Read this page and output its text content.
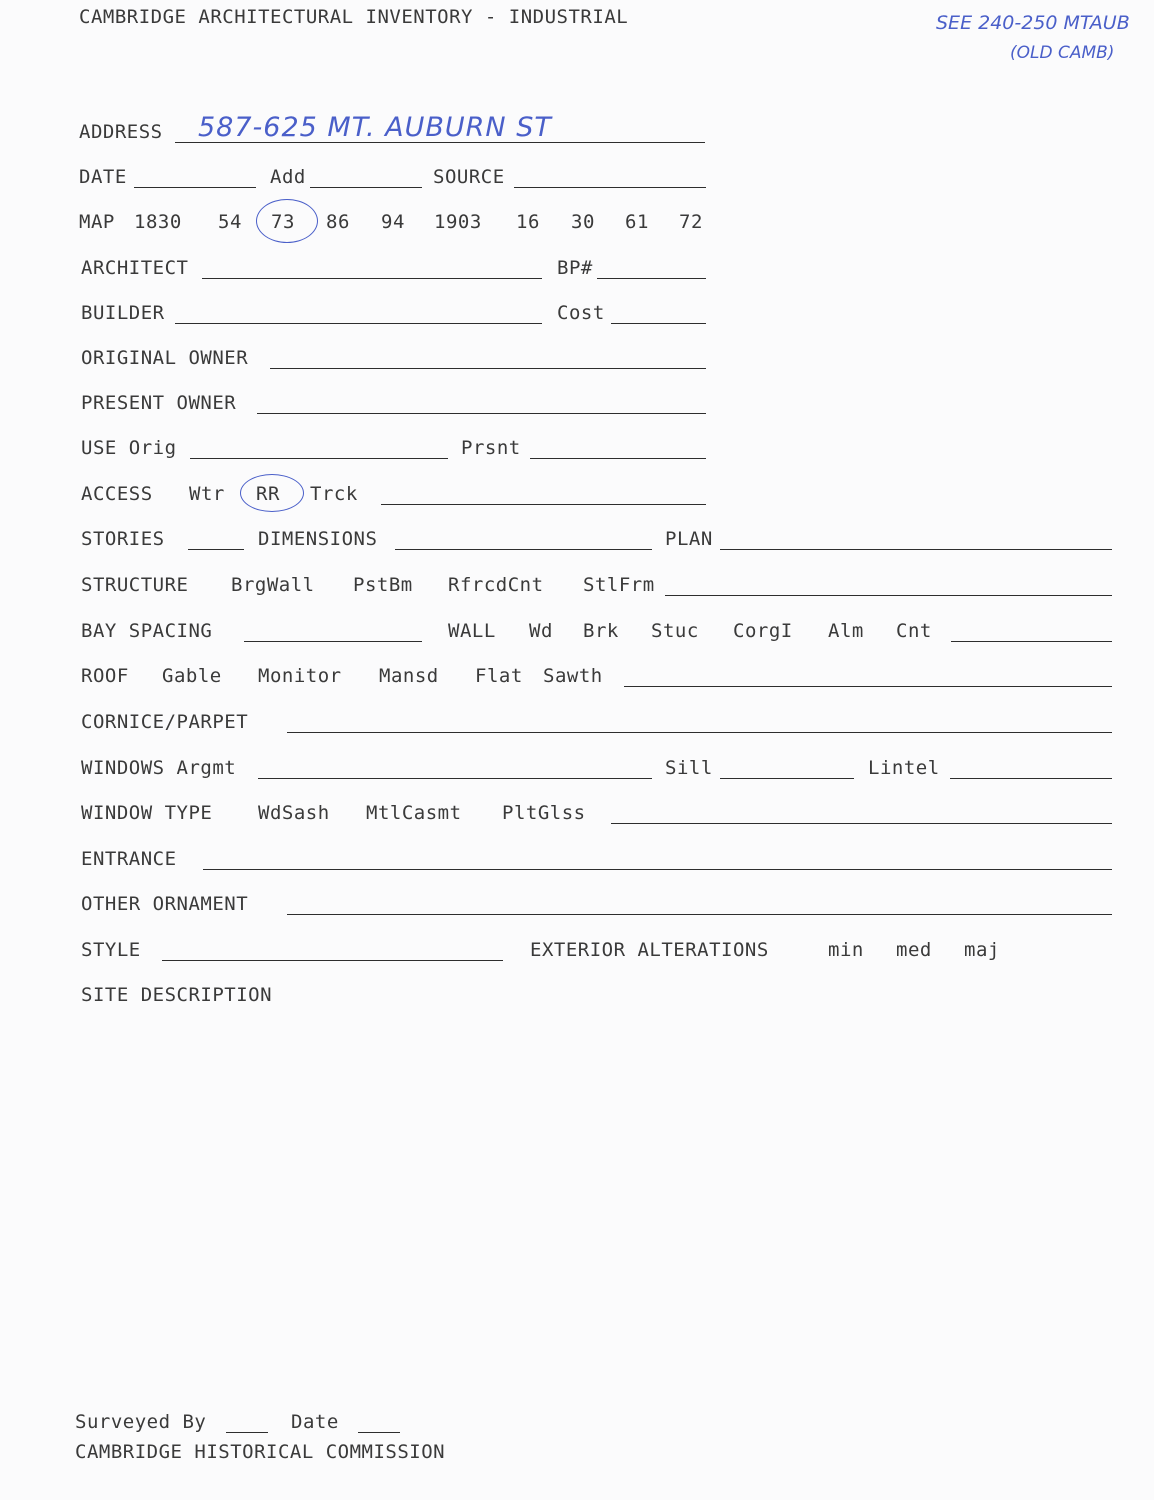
CAMBRIDGE ARCHITECTURAL INVENTORY - INDUSTRIAL	SEE 240-250 MTAUB
(OLD CAMB)
ADDRESS 587-625 MT. AUBURN ST
DATE	Add	SOURCE
MAP 1830 54 73 86 94 1903 16 30 61 72
ARCHITECT	BP#
BUILDER	Cost
ORIGINAL OWNER
PRESENT OWNER
USE Orig	Prsnt
ACCESS Wtr RR Trck
STORIES	DIMENSIONS	PLAN
STRUCTURE BrgWall PstBm RfrcdCnt StlFrm
BAY SPACING	WALL Wd Brk Stuc CorgI Alm Cnt
ROOF Gable Monitor Mansd Flat Sawth
CORNICE/PARPET
WINDOWS Argmt	Sill	Lintel
WINDOW TYPE WdSash MtlCasmt PltGlss
ENTRANCE
OTHER ORNAMENT
STYLE	EXTERIOR ALTERATIONS	min med maj
SITE DESCRIPTION
Surveyed By	Date
CAMBRIDGE HISTORICAL COMMISSION
